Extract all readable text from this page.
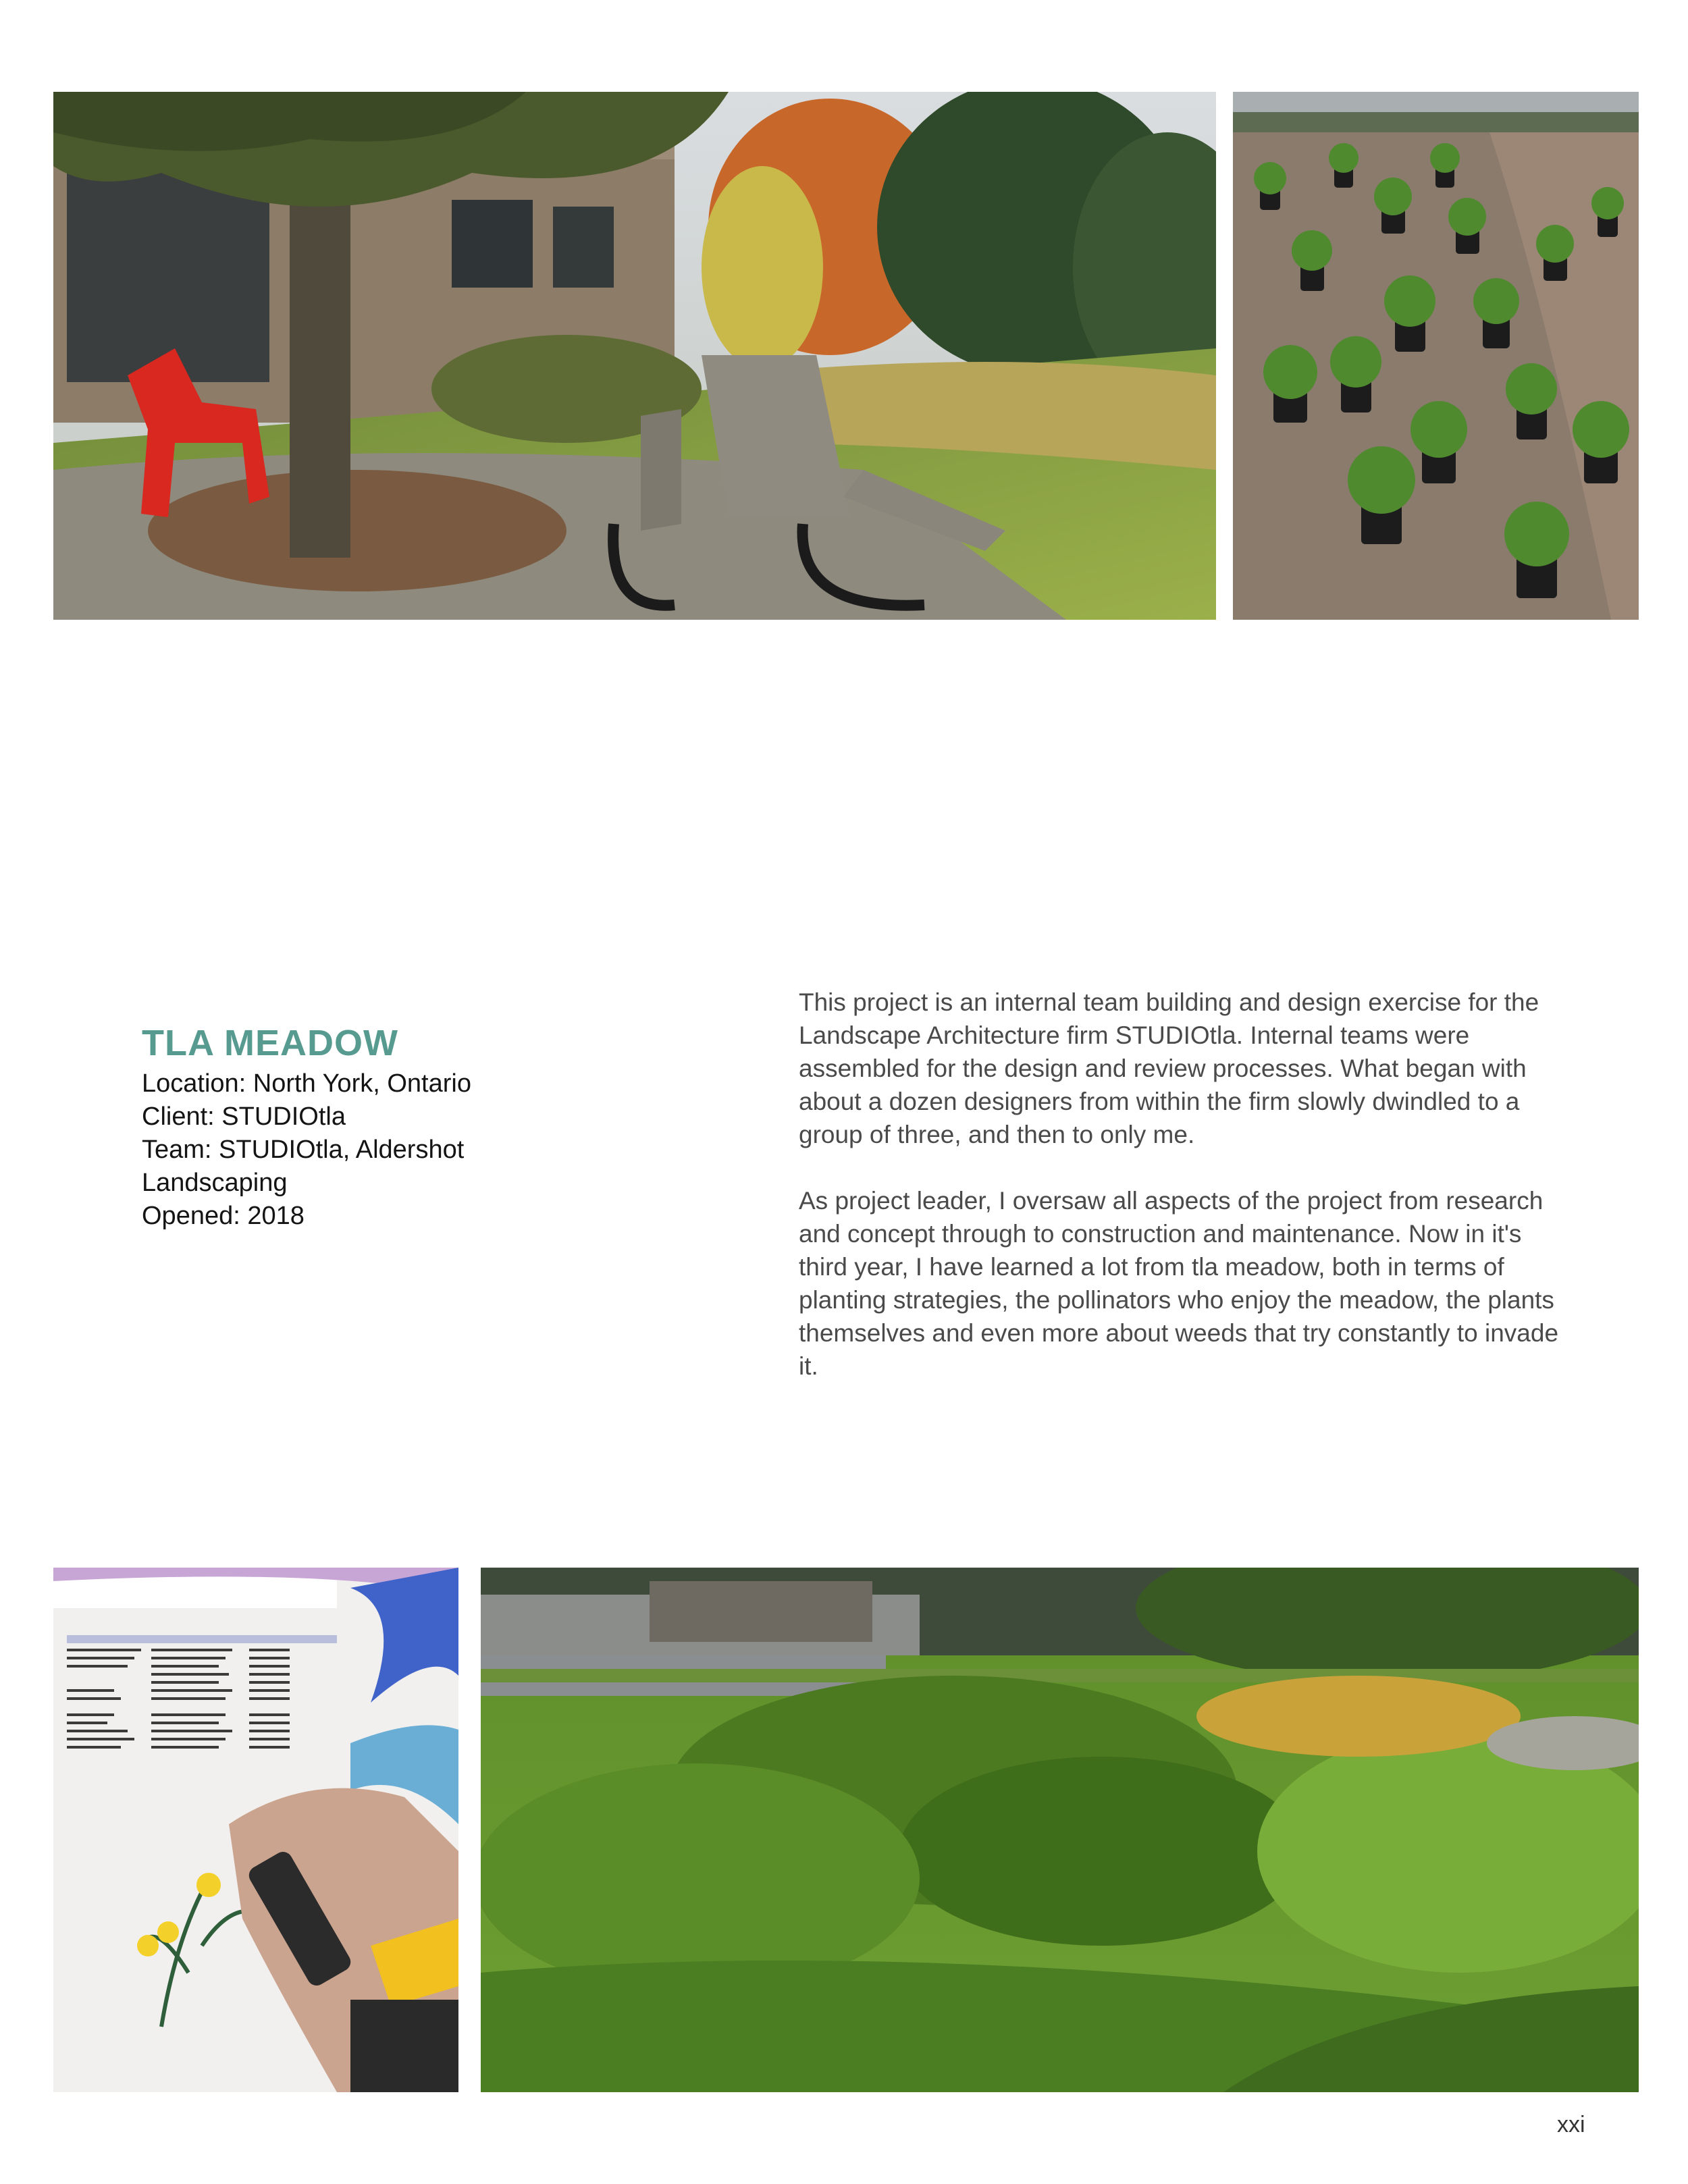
TLA MEADOW
Location: North York, Ontario
Client: STUDIOtla
Team: STUDIOtla, Aldershot
Landscaping
Opened: 2018

This project is an internal team building and design exercise for the Landscape Architecture firm STUDIOtla. Internal teams were assembled for the design and review processes. What began with about a dozen designers from within the firm slowly dwindled to a group of three, and then to only me.

As project leader, I oversaw all aspects of the project from research and concept through to construction and maintenance. Now in it's third year, I have learned a lot from tla meadow, both in terms of planting strategies, the pollinators who enjoy the meadow, the plants themselves and even more about weeds that try constantly to invade it.

xxi
